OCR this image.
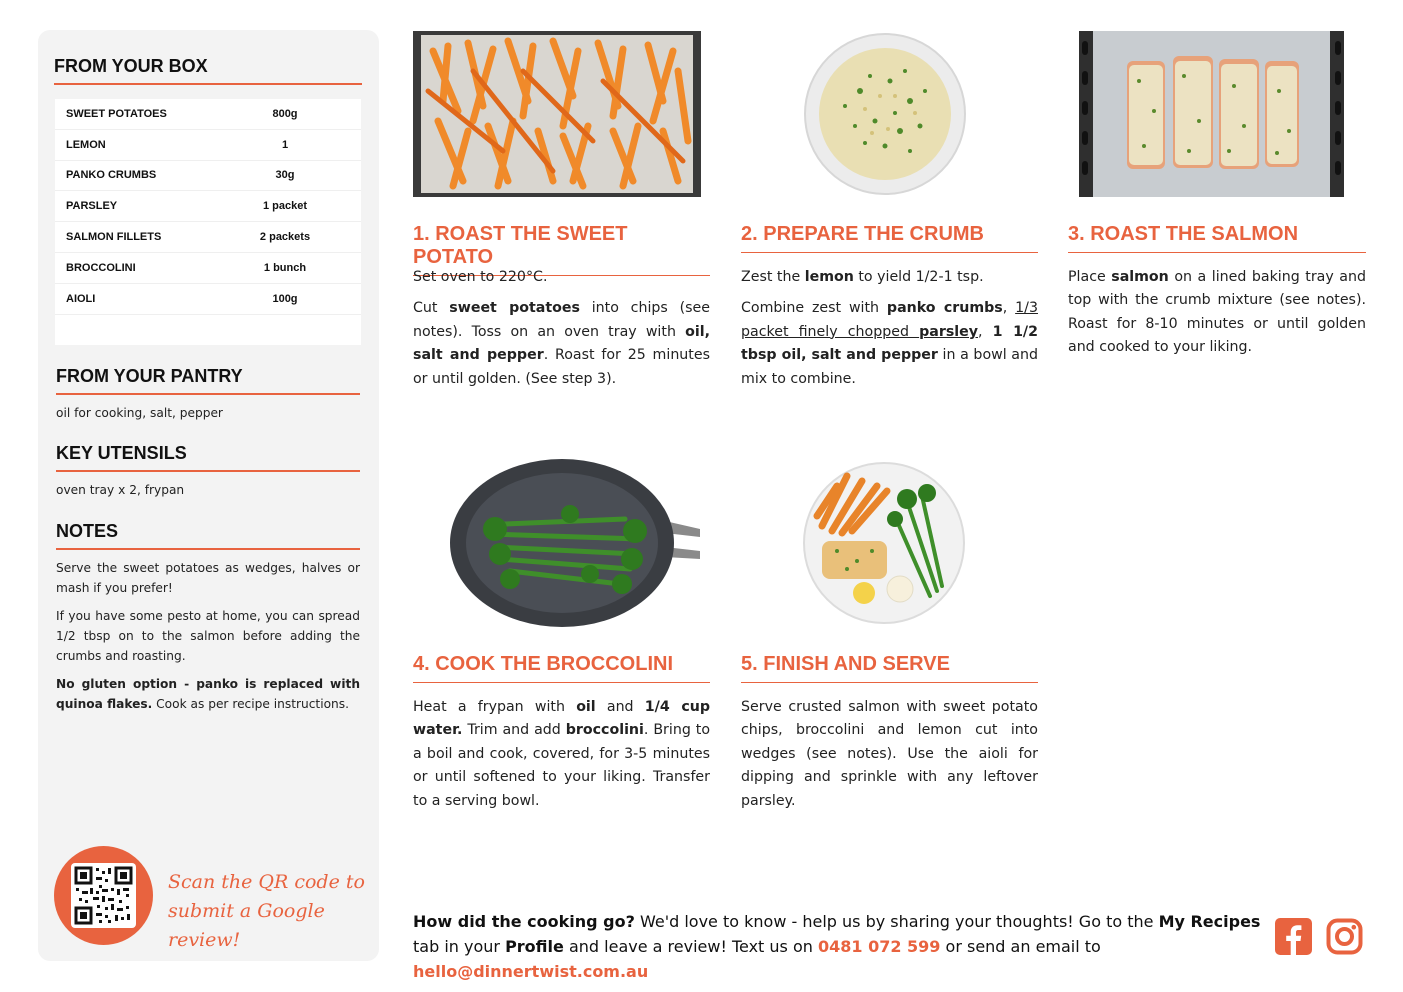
FROM YOUR BOX
SWEET POTATOES	800g
LEMON	1
PANKO CRUMBS	30g
PARSLEY	1 packet
SALMON FILLETS	2 packets
BROCCOLINI	1 bunch
AIOLI	100g
FROM YOUR PANTRY

oil for cooking, salt, pepper

KEY UTENSILS

oven tray x 2, frypan

NOTES

Serve the sweet potatoes as wedges, halves or mash if you prefer!

If you have some pesto at home, you can spread 1/2 tbsp on to the salmon before adding the crumbs and roasting.

No gluten option - panko is replaced with quinoa flakes. Cook as per recipe instructions.

Scan the QR code to
submit a Google review!
1. ROAST THE SWEET POTATO
2. PREPARE THE CRUMB	3. ROAST THE SALMON
4. COOK THE BROCCOLINI	5. FINISH AND SERVE

Set oven to 220°C.

Cut sweet potatoes into chips (see notes). Toss on an oven tray with oil, salt and pepper. Roast for 25 minutes or until golden. (See step 3).

Zest the lemon to yield 1/2-1 tsp.

Combine zest with panko crumbs, 1/3 packet finely chopped parsley, 1 1/2 tbsp oil, salt and pepper in a bowl and mix to combine.

Place salmon on a lined baking tray and top with the crumb mixture (see notes). Roast for 8-10 minutes or until golden and cooked to your liking.

Heat a frypan with oil and 1/4 cup water. Trim and add broccolini. Bring to a boil and cook, covered, for 3-5 minutes or until softened to your liking. Transfer to a serving bowl.

Serve crusted salmon with sweet potato chips, broccolini and lemon cut into wedges (see notes). Use the aioli for dipping and sprinkle with any leftover parsley.

How did the cooking go? We'd love to know - help us by sharing your thoughts! Go to the My Recipes tab in your Profile and leave a review! Text us on 0481 072 599 or send an email to hello@dinnertwist.com.au
